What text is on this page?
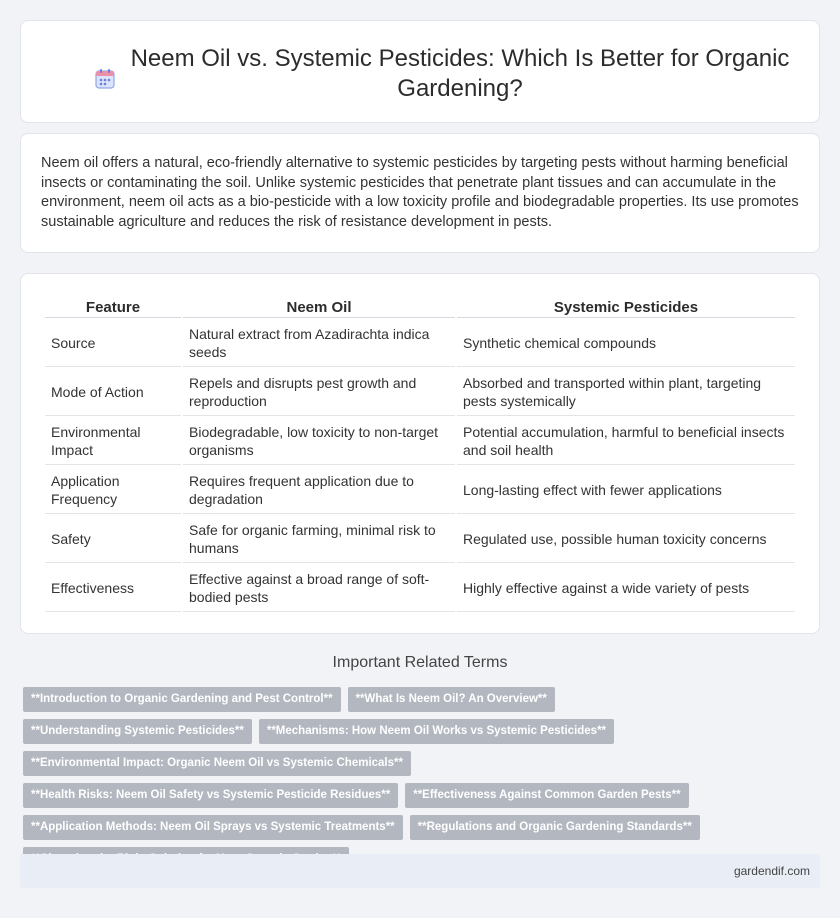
Neem Oil vs. Systemic Pesticides: Which Is Better for Organic Gardening?

Neem oil offers a natural, eco-friendly alternative to systemic pesticides by targeting pests without harming beneficial insects or contaminating the soil. Unlike systemic pesticides that penetrate plant tissues and can accumulate in the environment, neem oil acts as a bio-pesticide with a low toxicity profile and biodegradable properties. Its use promotes sustainable agriculture and reduces the risk of resistance development in pests.

Feature	Neem Oil	Systemic Pesticides
Source	Natural extract from Azadirachta indica seeds	Synthetic chemical compounds
Mode of Action	Repels and disrupts pest growth and reproduction	Absorbed and transported within plant, targeting pests systemically
Environmental Impact	Biodegradable, low toxicity to non-target organisms	Potential accumulation, harmful to beneficial insects and soil health
Application Frequency	Requires frequent application due to degradation	Long-lasting effect with fewer applications
Safety	Safe for organic farming, minimal risk to humans	Regulated use, possible human toxicity concerns
Effectiveness	Effective against a broad range of soft-bodied pests	Highly effective against a wide variety of pests
Important Related Terms
**Introduction to Organic Gardening and Pest Control**	**What Is Neem Oil? An Overview**
**Understanding Systemic Pesticides**	**Mechanisms: How Neem Oil Works vs Systemic Pesticides**
**Environmental Impact: Organic Neem Oil vs Systemic Chemicals**
**Health Risks: Neem Oil Safety vs Systemic Pesticide Residues**	**Effectiveness Against Common Garden Pests**
**Application Methods: Neem Oil Sprays vs Systemic Treatments**	**Regulations and Organic Gardening Standards**
gardendif.com
